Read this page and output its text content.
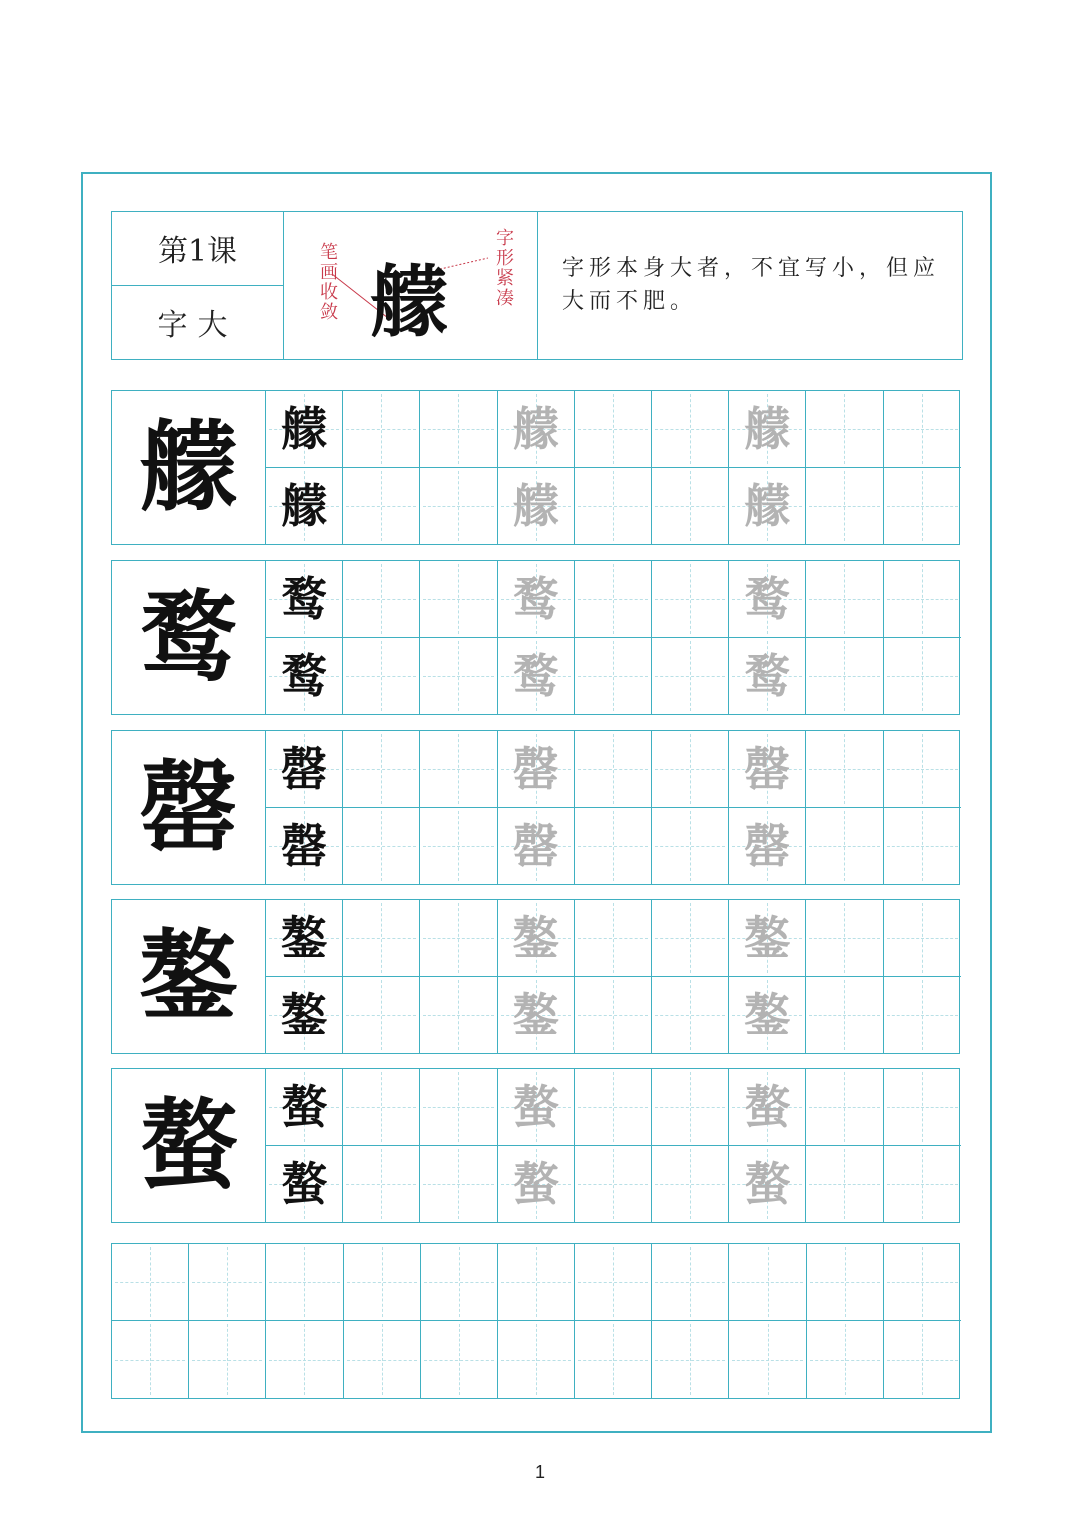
第1课
字大
笔画收敛 艨 字形紧凑 字形本身大者，不宜写小，但应大而不肥。
艨 艨	艨	艨
艨	艨	艨
鹜 鹜	鹜	鹜
鹜	鹜	鹜
罄 罄	罄	罄
罄	罄	罄
鏊 鏊	鏊	鏊
鏊	鏊	鏊
螯 螯	螯	螯
螯	螯	螯
1
